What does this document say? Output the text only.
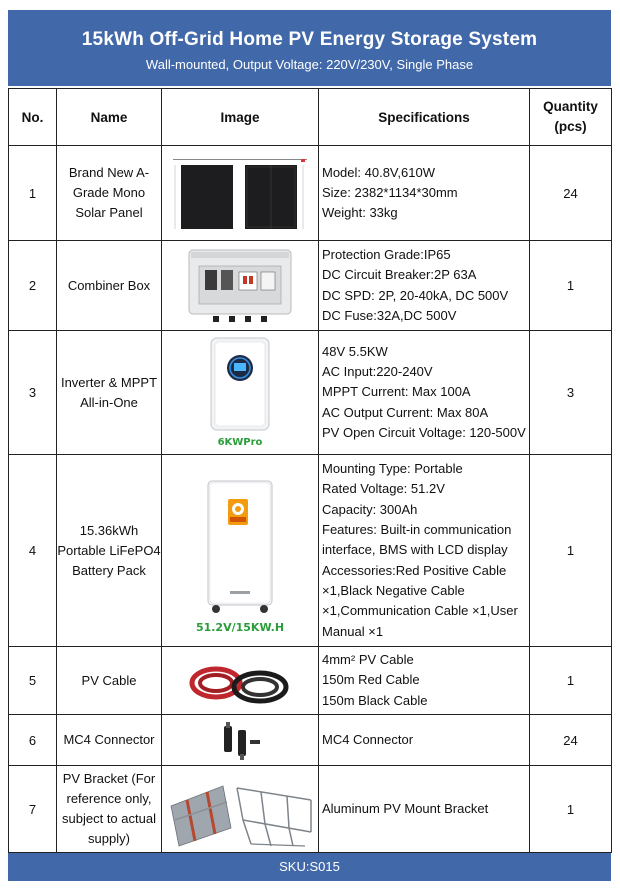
15kWh Off-Grid Home PV Energy Storage System
Wall-mounted, Output Voltage: 220V/230V, Single Phase
No.	Name	Image	Specifications	Quantity (pcs)
1	Brand New A-Grade Mono Solar Panel		Model: 40.8V,610W
Size: 2382*1134*30mm
Weight: 33kg	24
2	Combiner Box		Protection Grade:IP65
DC Circuit Breaker:2P 63A
DC SPD: 2P, 20-40kA, DC 500V
DC Fuse:32A,DC 500V	1
3	Inverter & MPPT All-in-One	6KWPro	48V 5.5KW
AC Input:220-240V
MPPT Current: Max 100A
AC Output Current: Max 80A
PV Open Circuit Voltage: 120-500V	3
4	15.36kWh Portable LiFePO4 Battery Pack	51.2V/15KW.H	Mounting Type: Portable
Rated Voltage: 51.2V
Capacity: 300Ah
Features: Built-in communication interface, BMS with LCD display
Accessories:Red Positive Cable ×1,Black Negative Cable ×1,Communication Cable ×1,User Manual ×1	1
5	PV Cable		4mm² PV Cable
150m Red Cable
150m Black Cable	1
6	MC4 Connector		MC4 Connector	24
7	PV Bracket (For reference only, subject to actual supply)		Aluminum PV Mount Bracket	1
SKU:S015
